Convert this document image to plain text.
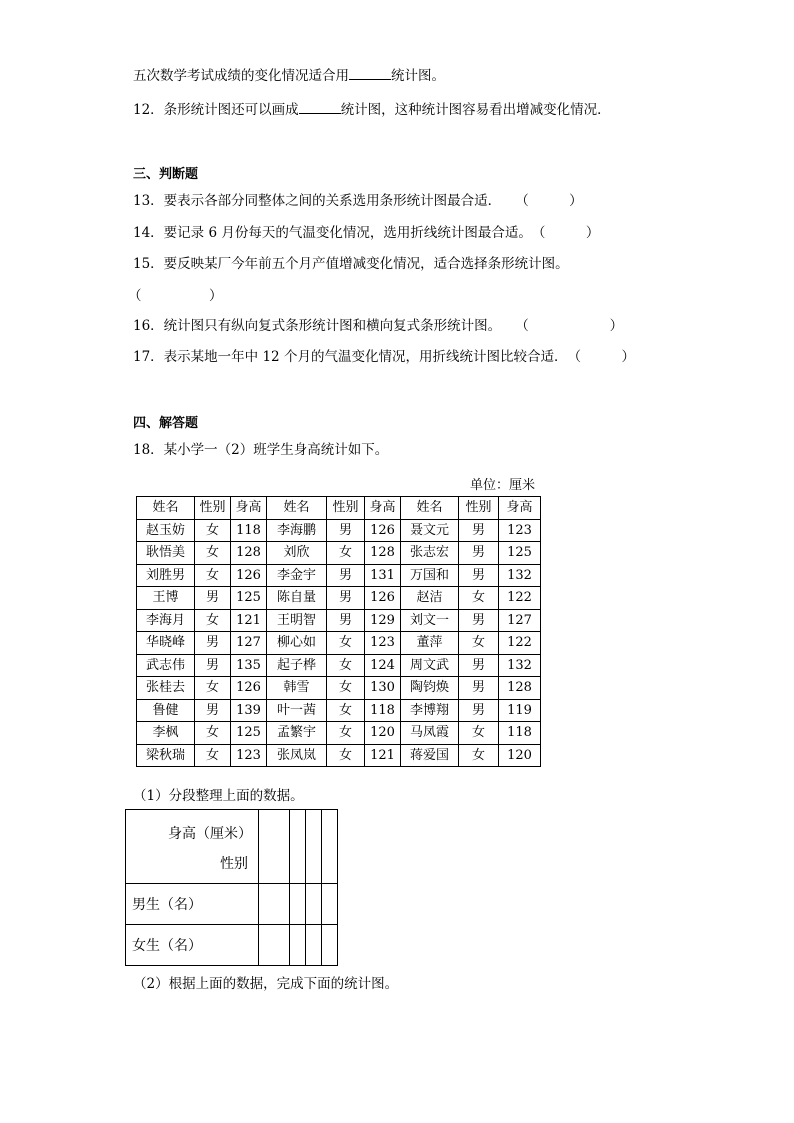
五次数学考试成绩的变化情况适合用	统计图。
12．条形统计图还可以画成	统计图，这种统计图容易看出增减变化情况．
三、判断题
13．要表示各部分同整体之间的关系选用条形统计图最合适． （　　　）
14．要记录 6 月份每天的气温变化情况，选用折线统计图最合适。（　　　）
15．要反映某厂今年前五个月产值增减变化情况，适合选择条形统计图。
（　　　　　）
16．统计图只有纵向复式条形统计图和横向复式条形统计图。 （　　　　　　）
17．表示某地一年中 12 个月的气温变化情况，用折线统计图比较合适．（　　　）
四、解答题
18．某小学一（2）班学生身高统计如下。
单位：厘米
姓名	性别	身高	姓名	性别	身高	姓名	性别	身高
赵玉妨	女	118	李海鹏	男	126	聂文元	男	123
耿悟美	女	128	刘欣	女	128	张志宏	男	125
刘胜男	女	126	李金宇	男	131	万国和	男	132
王博	男	125	陈自量	男	126	赵洁	女	122
李海月	女	121	王明智	男	129	刘文一	男	127
华晓峰	男	127	柳心如	女	123	董萍	女	122
武志伟	男	135	起子桦	女	124	周文武	男	132
张桂去	女	126	韩雪	女	130	陶钧焕	男	128
鲁健	男	139	叶一茜	女	118	李博翔	男	119
李枫	女	125	孟繁宇	女	120	马凤霞	女	118
梁秋瑞	女	123	张凤岚	女	121	蒋爱国	女	120
（1）分段整理上面的数据。
身高（厘米）
性别				

男生（名）				
女生（名）				
（2）根据上面的数据，完成下面的统计图。
